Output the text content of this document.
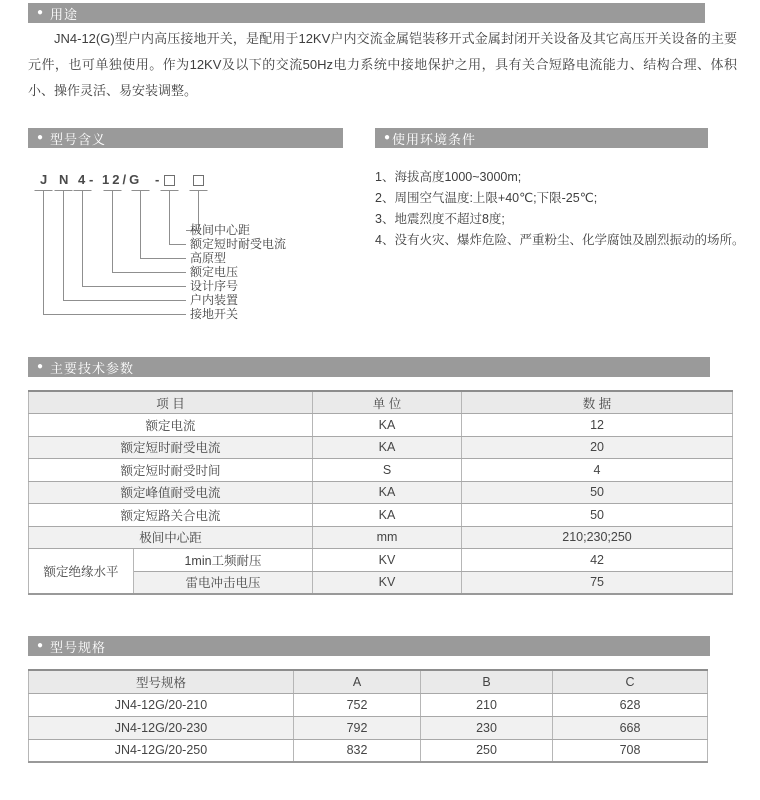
● 用途
JN4-12(G)型户内高压接地开关，是配用于12KV户内交流金属铠装移开式金属封闭开关设备及其它高压开关设备的主要元件，也可单独使用。作为12KV及以下的交流50Hz电力系统中接地保护之用，具有关合短路电流能力、结构合理、体积小、操作灵活、易安装调整。
● 型号含义	● 使用环境条件
J N 4 - 12/G -
极间中心距
额定短时耐受电流
高原型
额定电压
设计序号
户内装置
接地开关
1、海拔高度1000~3000m;
2、周围空气温度:上限+40℃;下限-25℃;
3、地震烈度不超过8度;
4、没有火灾、爆炸危险、严重粉尘、化学腐蚀及剧烈振动的场所。
● 主要技术参数
项 目		单 位	数 据
额定电流		KA	12
额定短时耐受电流		KA	20
额定短时耐受时间		S	4
额定峰值耐受电流		KA	50
额定短路关合电流		KA	50
极间中心距		mm	210;230;250
额定绝缘水平	1min工频耐压	KV	42
	雷电冲击电压	KV	75
● 型号规格
型号规格	A	B	C
JN4-12G/20-210	752	210	628
JN4-12G/20-230	792	230	668
JN4-12G/20-250	832	250	708
